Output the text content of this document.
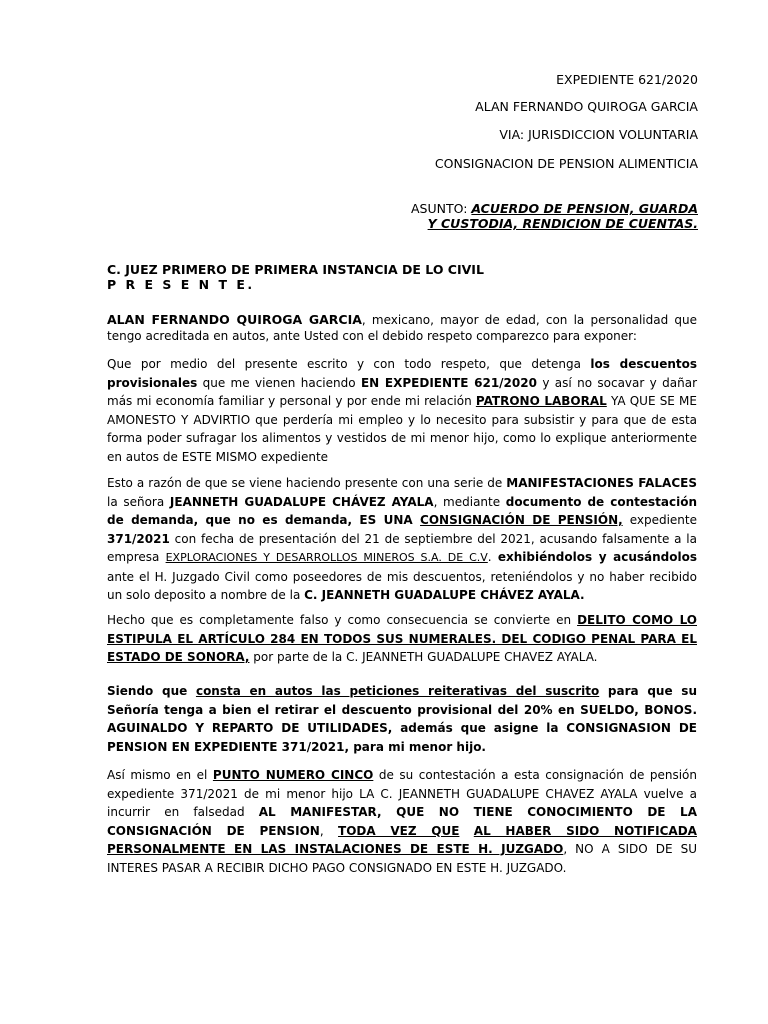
EXPEDIENTE 621/2020
ALAN FERNANDO QUIROGA GARCIA
VIA: JURISDICCION VOLUNTARIA
CONSIGNACION DE PENSION ALIMENTICIA
ASUNTO: ACUERDO DE PENSION, GUARDA Y CUSTODIA, RENDICION DE CUENTAS.
C. JUEZ PRIMERO DE PRIMERA INSTANCIA DE LO CIVIL
P R E S E N T E.
ALAN FERNANDO QUIROGA GARCIA, mexicano, mayor de edad, con la personalidad que tengo acreditada en autos, ante Usted con el debido respeto comparezco para exponer:
Que por medio del presente escrito y con todo respeto, que detenga los descuentos provisionales que me vienen haciendo EN EXPEDIENTE 621/2020 y así no socavar y dañar más mi economía familiar y personal y por ende mi relación PATRONO LABORAL YA QUE SE ME AMONESTO Y ADVIRTIO que perdería mi empleo y lo necesito para subsistir y para que de esta forma poder sufragar los alimentos y vestidos de mi menor hijo, como lo explique anteriormente en autos de ESTE MISMO expediente
Esto a razón de que se viene haciendo presente con una serie de MANIFESTACIONES FALACES la señora JEANNETH GUADALUPE CHÁVEZ AYALA, mediante documento de contestación de demanda, que no es demanda, ES UNA CONSIGNACIÓN DE PENSIÓN, expediente 371/2021 con fecha de presentación del 21 de septiembre del 2021, acusando falsamente a la empresa EXPLORACIONES Y DESARROLLOS MINEROS S.A. DE C.V. exhibiéndolos y acusándolos ante el H. Juzgado Civil como poseedores de mis descuentos, reteniéndolos y no haber recibido un solo deposito a nombre de la C. JEANNETH GUADALUPE CHÁVEZ AYALA.
Hecho que es completamente falso y como consecuencia se convierte en DELITO COMO LO ESTIPULA EL ARTÍCULO 284 EN TODOS SUS NUMERALES. DEL CODIGO PENAL PARA EL ESTADO DE SONORA, por parte de la C. JEANNETH GUADALUPE CHAVEZ AYALA.
Siendo que consta en autos las peticiones reiterativas del suscrito para que su Señoría tenga a bien el retirar el descuento provisional del 20% en SUELDO, BONOS. AGUINALDO Y REPARTO DE UTILIDADES, además que asigne la CONSIGNASION DE PENSION EN EXPEDIENTE 371/2021, para mi menor hijo.
Así mismo en el PUNTO NUMERO CINCO de su contestación a esta consignación de pensión expediente 371/2021 de mi menor hijo LA C. JEANNETH GUADALUPE CHAVEZ AYALA vuelve a incurrir en falsedad AL MANIFESTAR, QUE NO TIENE CONOCIMIENTO DE LA CONSIGNACIÓN DE PENSION, TODA VEZ QUE AL HABER SIDO NOTIFICADA PERSONALMENTE EN LAS INSTALACIONES DE ESTE H. JUZGADO, NO A SIDO DE SU INTERES PASAR A RECIBIR DICHO PAGO CONSIGNADO EN ESTE H. JUZGADO.
